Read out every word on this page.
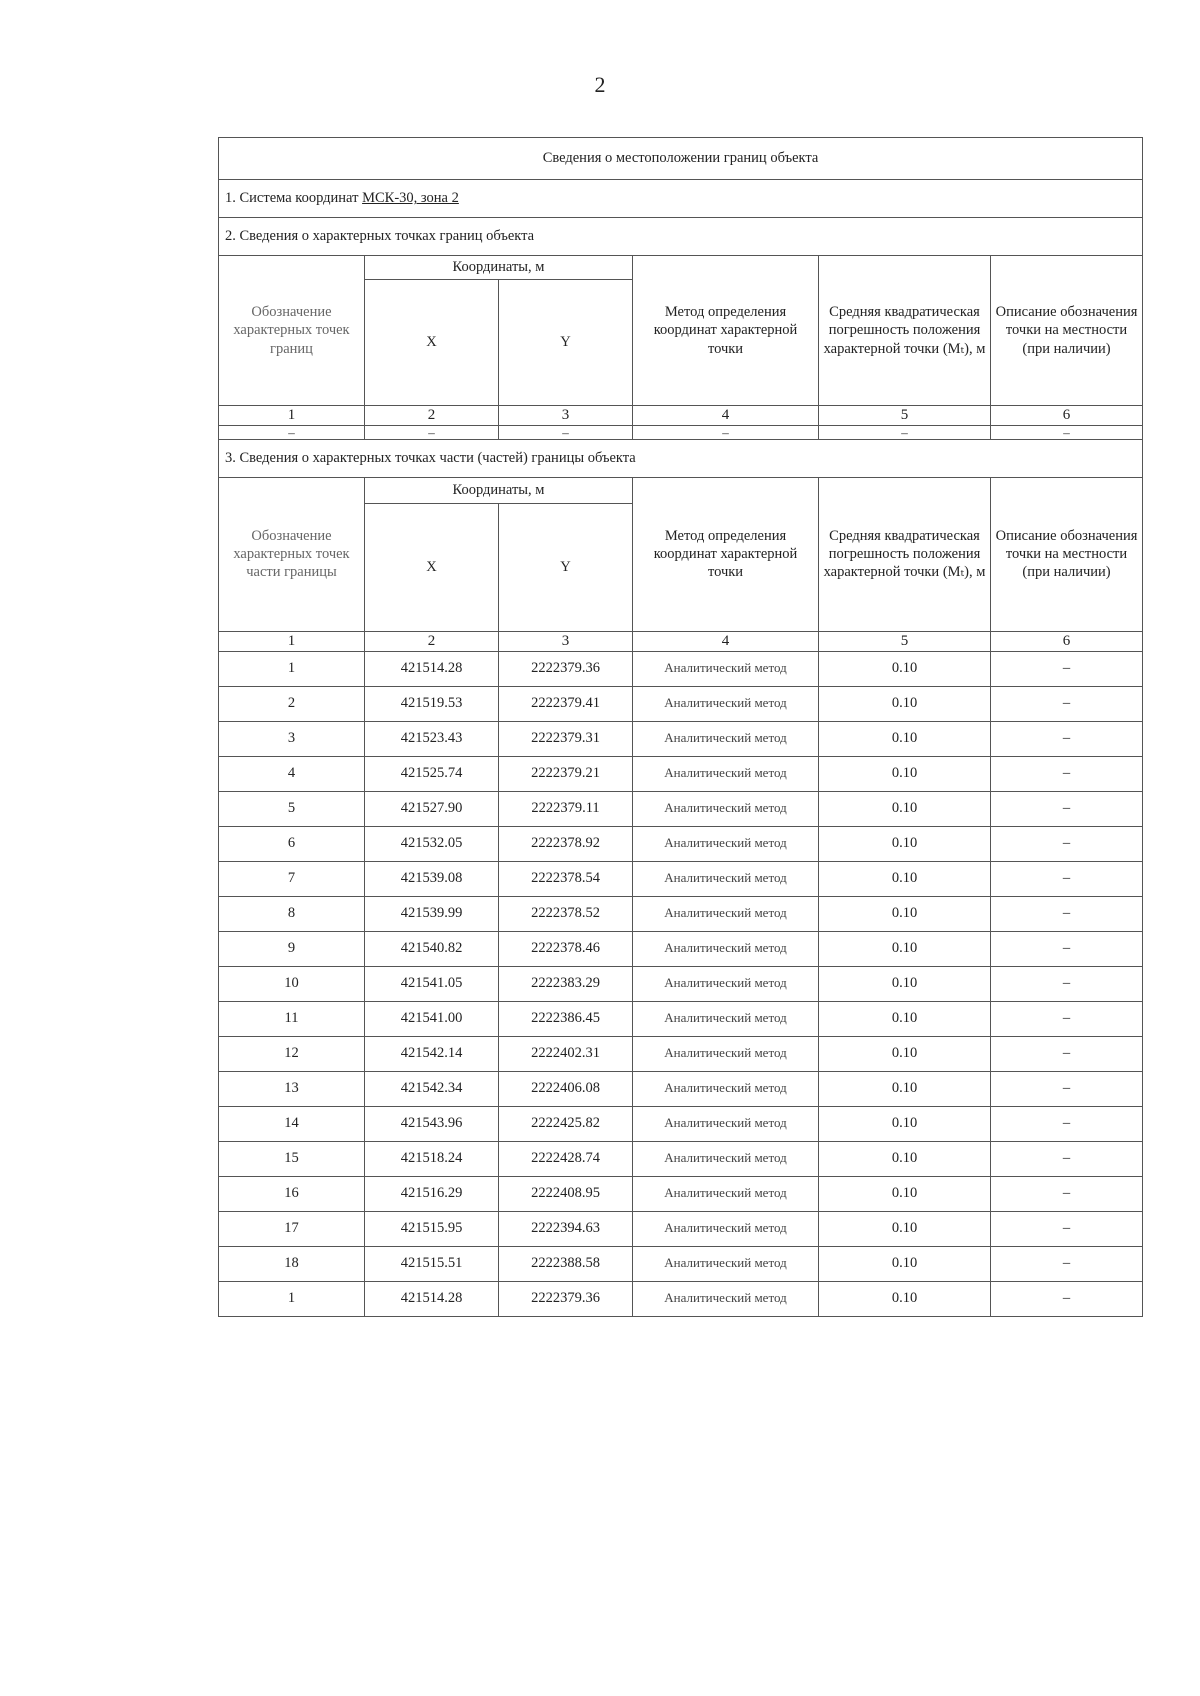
2
Сведения о местоположении границ объекта					
1. Система координат МСК-30, зона 2					
2. Сведения о характерных точках границ объекта					
Обозначение характерных точек границ	Координаты, м		Метод определения координат характерной точки	Средняя квадратическая погрешность положения характерной точки (Mₜ), м	Описание обозначения точки на местности (при наличии)
	X	Y			
1	2	3	4	5	6
–	–	–	–	–	–
3. Сведения о характерных точках части (частей) границы объекта					
Обозначение характерных точек части границы	Координаты, м		Метод определения координат характерной точки	Средняя квадратическая погрешность положения характерной точки (Mₜ), м	Описание обозначения точки на местности (при наличии)
	X	Y			
1	2	3	4	5	6
1	421514.28	2222379.36	Аналитический метод	0.10	–
2	421519.53	2222379.41	Аналитический метод	0.10	–
3	421523.43	2222379.31	Аналитический метод	0.10	–
4	421525.74	2222379.21	Аналитический метод	0.10	–
5	421527.90	2222379.11	Аналитический метод	0.10	–
6	421532.05	2222378.92	Аналитический метод	0.10	–
7	421539.08	2222378.54	Аналитический метод	0.10	–
8	421539.99	2222378.52	Аналитический метод	0.10	–
9	421540.82	2222378.46	Аналитический метод	0.10	–
10	421541.05	2222383.29	Аналитический метод	0.10	–
11	421541.00	2222386.45	Аналитический метод	0.10	–
12	421542.14	2222402.31	Аналитический метод	0.10	–
13	421542.34	2222406.08	Аналитический метод	0.10	–
14	421543.96	2222425.82	Аналитический метод	0.10	–
15	421518.24	2222428.74	Аналитический метод	0.10	–
16	421516.29	2222408.95	Аналитический метод	0.10	–
17	421515.95	2222394.63	Аналитический метод	0.10	–
18	421515.51	2222388.58	Аналитический метод	0.10	–
1	421514.28	2222379.36	Аналитический метод	0.10	–
